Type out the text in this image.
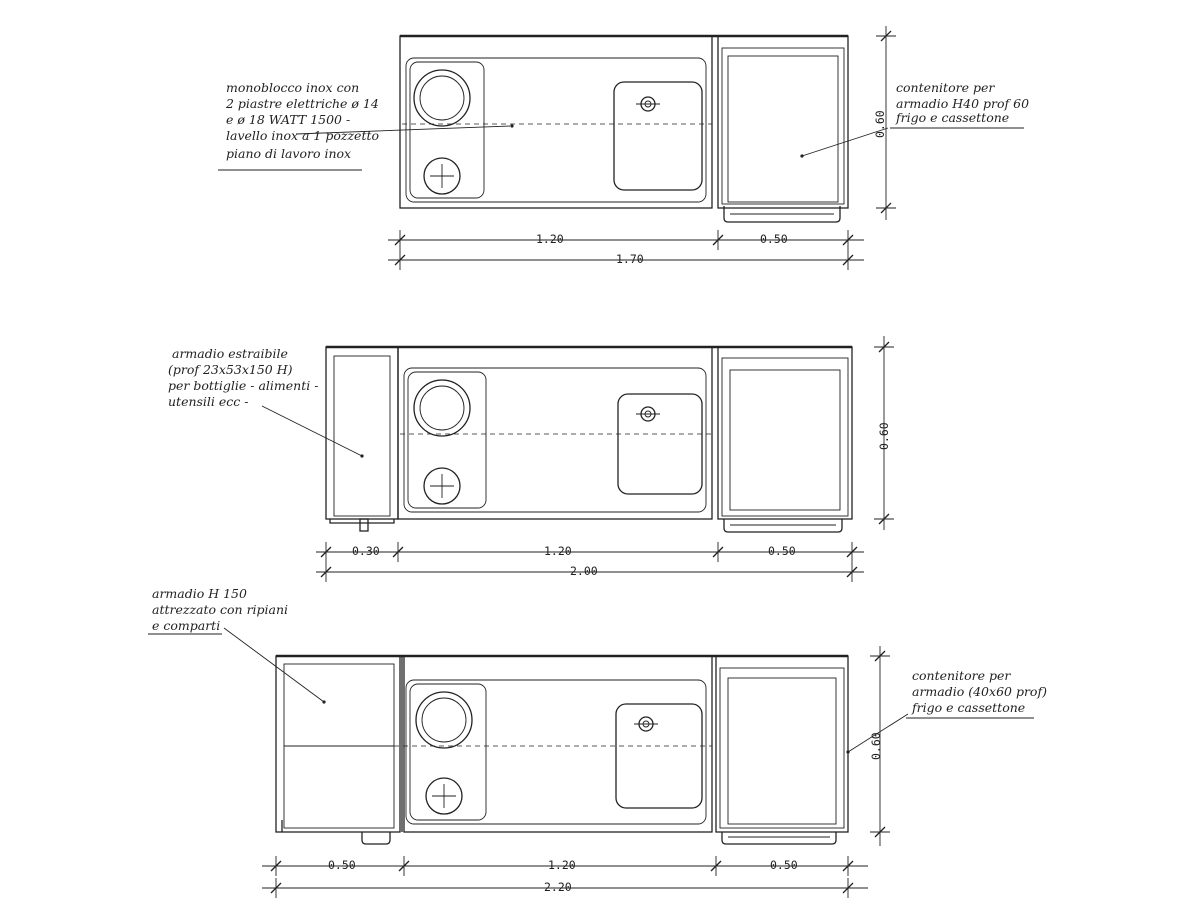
monoblocco inox con 2 piastre elettriche ø 14 e ø 18 WATT 1500 - lavello inox a 1 pozzetto piano di lavoro inox
contenitore per armadio H40 prof 60 frigo e cassettone
0.60
1.20	0.50
1.70
armadio estraibile (prof 23x53x150 H) per bottiglie - alimenti - utensili ecc -
0.60
0.30	1.20	0.50
2.00
armadio H 150 attrezzato con ripiani e comparti
contenitore per armadio (40x60 prof) frigo e cassettone
0.60
0.50	1.20	0.50
2.20
